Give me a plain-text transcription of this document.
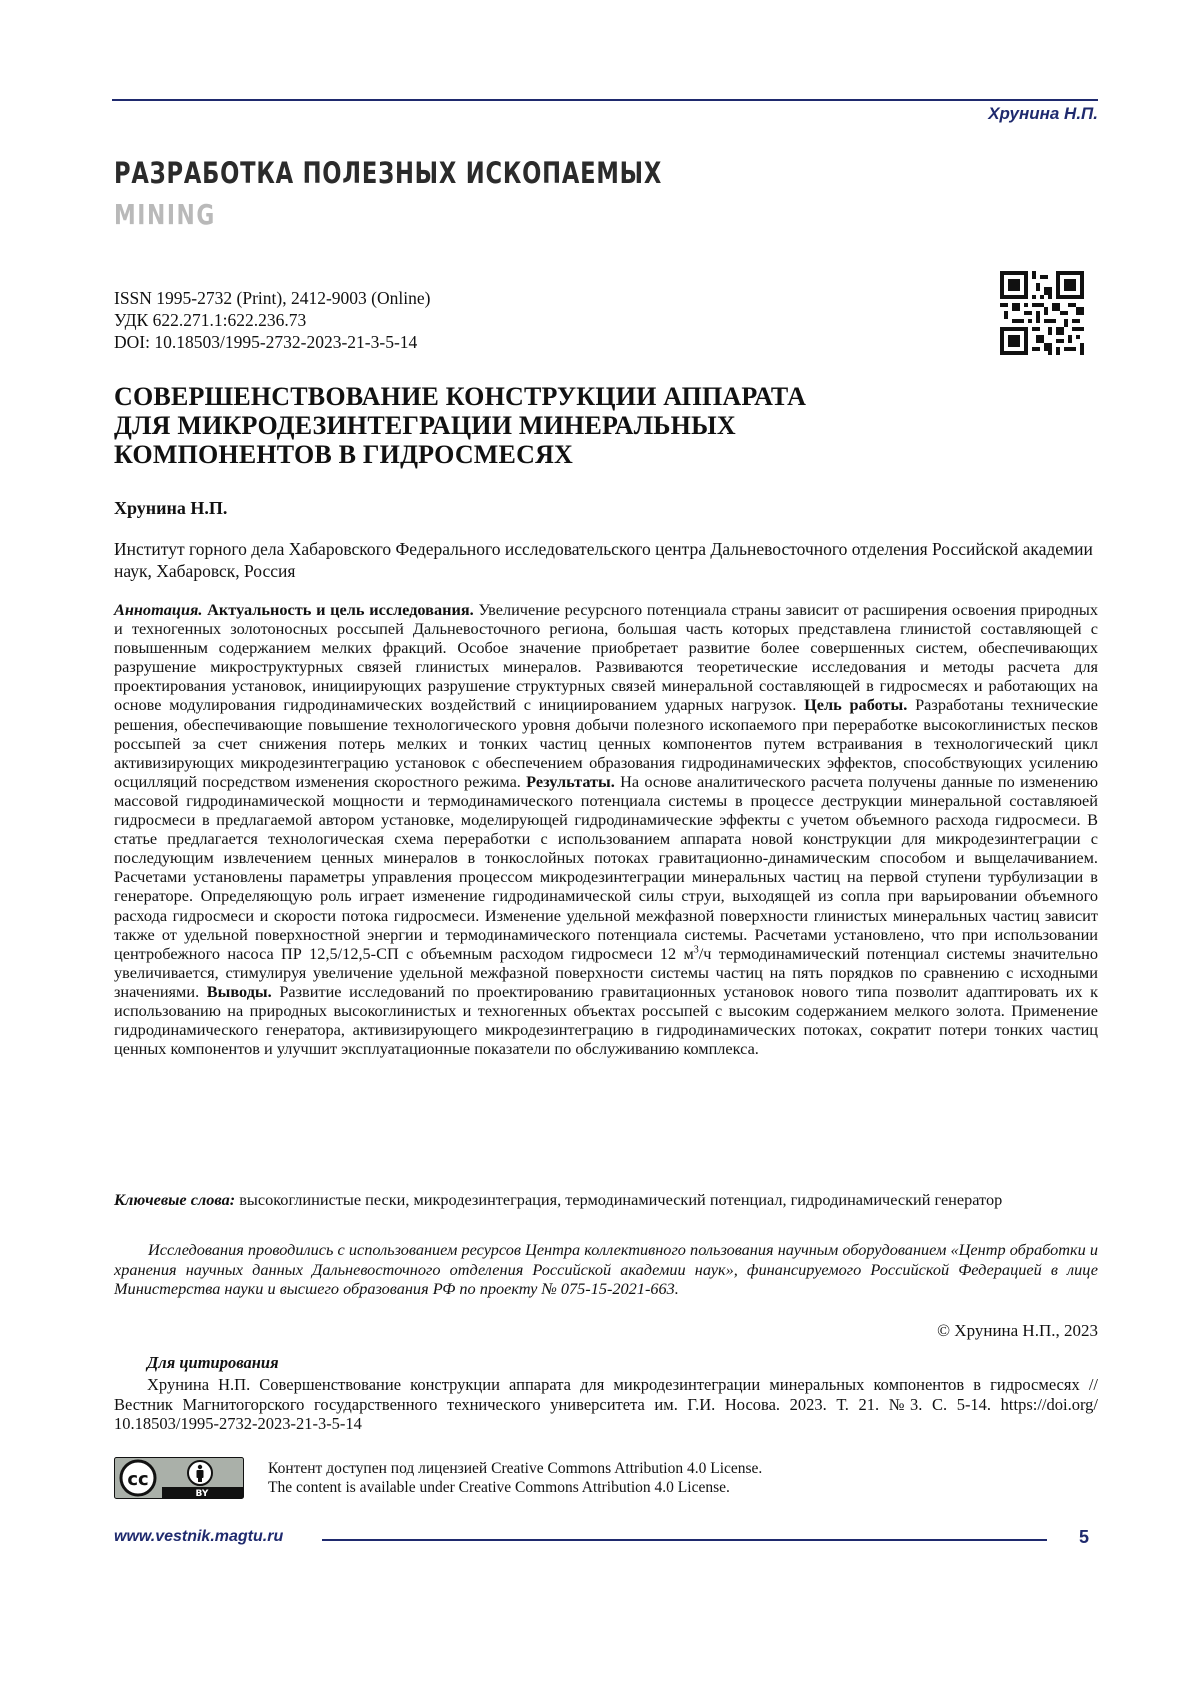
Хрунина Н.П.
РАЗРАБОТКА ПОЛЕЗНЫХ ИСКОПАЕМЫХ
MINING
ISSN 1995-2732 (Print), 2412-9003 (Online)
УДК 622.271.1:622.236.73
DOI: 10.18503/1995-2732-2023-21-3-5-14
СОВЕРШЕНСТВОВАНИЕ КОНСТРУКЦИИ АППАРАТА
ДЛЯ МИКРОДЕЗИНТЕГРАЦИИ МИНЕРАЛЬНЫХ
КОМПОНЕНТОВ В ГИДРОСМЕСЯХ
Хрунина Н.П.
Институт горного дела Хабаровского Федерального исследовательского центра Дальневосточного отделения Российской академии наук, Хабаровск, Россия
Аннотация. Актуальность и цель исследования. Увеличение ресурсного потенциала страны зависит от расширения освоения природных и техногенных золотоносных россыпей Дальневосточного региона, большая часть которых представлена глинистой составляющей с повышенным содержанием мелких фракций. Особое значение приобретает развитие более совершенных систем, обеспечивающих разрушение микроструктурных связей глинистых минералов. Развиваются теоретические исследования и методы расчета для проектирования установок, инициирующих разрушение структурных связей минеральной составляющей в гидросмесях и работающих на основе модулирования гидродинамических воздействий с инициированием ударных нагрузок. Цель работы. Разработаны технические решения, обеспечивающие повышение технологического уровня добычи полезного ископаемого при переработке высокоглинистых песков россыпей за счет снижения потерь мелких и тонких частиц ценных компонентов путем встраивания в технологический цикл активизирующих микродезинтеграцию установок с обеспечением образования гидродинамических эффектов, способствующих усилению осцилляций посредством изменения скоростного режима. Результаты. На основе аналитического расчета получены данные по изменению массовой гидродинамической мощности и термодинамического потенциала системы в процессе деструкции минеральной составляюей гидросмеси в предлагаемой автором установке, моделирующей гидродинамические эффекты с учетом объемного расхода гидросмеси. В статье предлагается технологическая схема переработки с использованием аппарата новой конструкции для микродезинтеграции с последующим извлечением ценных минералов в тонкослойных потоках гравитационно-динамическим способом и выщелачиванием. Расчетами установлены параметры управления процессом микродезинтеграции минеральных частиц на первой ступени турбулизации в генераторе. Определяющую роль играет изменение гидродинамической силы струи, выходящей из сопла при варьировании объемного расхода гидросмеси и скорости потока гидросмеси. Изменение удельной межфазной поверхности глинистых минеральных частиц зависит также от удельной поверхностной энергии и термодинамического потенциала системы. Расчетами установлено, что при использовании центробежного насоса ПР 12,5/12,5-СП с объемным расходом гидросмеси 12 $м^3/ч$ термодинамический потенциал системы значительно увеличивается, стимулируя увеличение удельной межфазной поверхности системы частиц на пять порядков по сравнению с исходными значениями. Выводы. Развитие исследований по проектированию гравитационных установок нового типа позволит адаптировать их к использованию на природных высокоглинистых и техногенных объектах россыпей с высоким содержанием мелкого золота. Применение гидродинамического генератора, активизирующего микродезинтеграцию в гидродинамических потоках, сократит потери тонких частиц ценных компонентов и улучшит эксплуатационные показатели по обслуживанию комплекса.
Ключевые слова: высокоглинистые пески, микродезинтеграция, термодинамический потенциал, гидродинамический генератор
Исследования проводились с использованием ресурсов Центра коллективного пользования научным оборудованием «Центр обработки и хранения научных данных Дальневосточного отделения Российской академии наук», финансируемого Российской Федерацией в лице Министерства науки и высшего образования РФ по проекту № 075-15-2021-663.
© Хрунина Н.П., 2023
Для цитирования
Хрунина Н.П. Совершенствование конструкции аппарата для микродезинтеграции минеральных компонентов в гидросмесях // Вестник Магнитогорского государственного технического университета им. Г.И. Носова. 2023. Т. 21. №3. С. 5-14. https://doi.org/ 10.18503/1995-2732-2023-21-3-5-14
cc
BY
Контент доступен под лицензией Creative Commons Attribution 4.0 License.
The content is available under Creative Commons Attribution 4.0 License.
www.vestnik.magtu.ru	5
